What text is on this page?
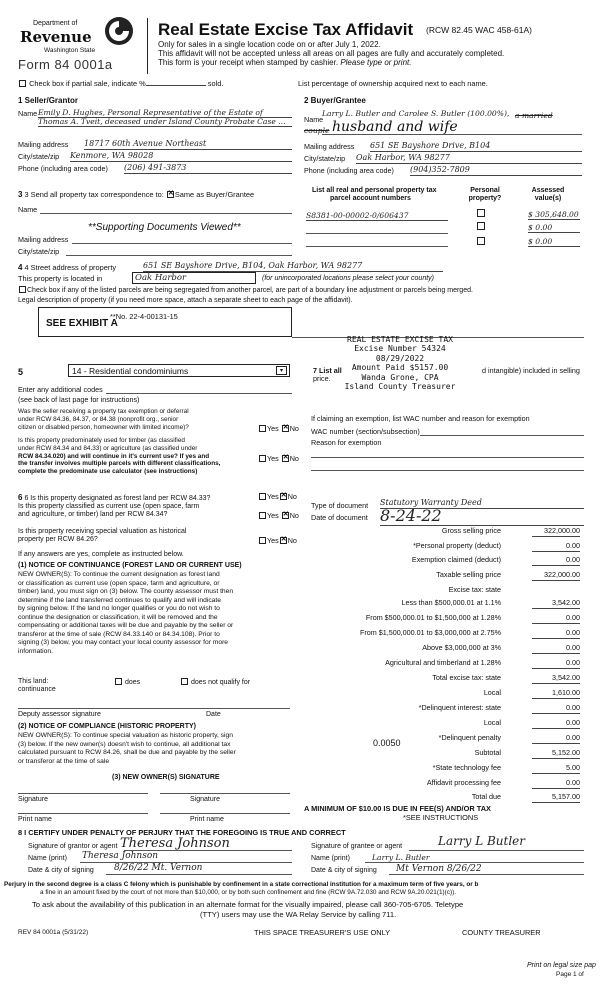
Department of
Revenue
Washington State
Form 84 0001a
Real Estate Excise Tax Affidavit (RCW 82.45 WAC 458-61A)
Only for sales in a single location code on or after July 1, 2022.
This affidavit will not be accepted unless all areas on all pages are fully and accurately completed.
This form is your receipt when stamped by cashier. Please type or print.
Check box if partial sale, indicate %	sold.	List percentage of ownership acquired next to each name.
1 Seller/Grantor
Name Emily D. Hughes, Personal Representative of the Estate of
Thomas A. Tveit, deceased under Island County Probate Case ...
Mailing address 18717 60th Avenue Northeast
City/state/zip Kenmore, WA 98028
Phone (including area code) (206) 491-3873
2 Buyer/Grantee
Name
Larry L. Butler and Carolee S. Butler (100.00%), a married
couple husband and wife
Mailing address 651 SE Bayshore Drive, B104
City/state/zip Oak Harbor, WA 98277
Phone (including area code) (904)352-7809
3 3 Send all property tax correspondence to: ✕ Same as Buyer/Grantee
Name
**Supporting Documents Viewed**
Mailing address
City/state/zip
List all real and personal property tax
parcel account numbers
Personal property?
Assessed value(s)
S8381-00-00002-0/606437	$ 305,648.00
$ 0.00
$ 0.00
4 4 Street address of property	651 SE Bayshore Drive, B104, Oak Harbor, WA 98277
This property is located in	Oak Harbor	(for unincorporated locations please select your county)
Check box if any of the listed parcels are being segregated from another parcel, are part of a boundary line adjustment or parcels being merged.
Legal description of property (if you need more space, attach a separate sheet to each page of the affidavit).
SEE EXHIBIT A
**No. 22-4-00131-15
REAL ESTATE EXCISE TAX
Excise Number 54324
08/29/2022
Amount Paid $5157.00
Wanda Grone, CPA
Island County Treasurer
5	14 - Residential condominiums	▾	7 List all
price.
d intangible) included in selling
Enter any additional codes
(see back of last page for instructions)
Was the seller receiving a property tax exemption or deferral
under RCW 84.36, 84.37, or 84.38 (nonprofit org., senior
citizen or disabled person, homeowner with limited income)?	Yes ✕ No
Is this property predominately used for timber (as classified
under RCW 84.34 and 84.33) or agriculture (as classified under
RCW 84.34.020) and will continue in it's current use? If yes and
the transfer involves multiple parcels with different classifications,
complete the predominate use calculator (see instructions)
Yes ✕ No
If claiming an exemption, list WAC number and reason for exemption
WAC number (section/subsection)
Reason for exemption
6 6 Is this property designated as forest land per RCW 84.33?	Yes ✕ No
Is this property classified as current use (open space, farm
and agriculture, or timber) land per RCW 84.34?	Yes ✕ No
Is this property receiving special valuation as historical
property per RCW 84.26?	Yes ✕ No
If any answers are yes, complete as instructed below.
(1) NOTICE OF CONTINUANCE (FOREST LAND OR CURRENT USE)
NEW OWNER(S): To continue the current designation as forest land
or classification as current use (open space, farm and agriculture, or
timber) land, you must sign on (3) below. The county assessor must then
determine if the land transferred continues to qualify and will indicate
by signing below. If the land no longer qualifies or you do not wish to
continue the designation or classification, it will be removed and the
compensating or additional taxes will be due and payable by the seller or
transferor at the time of sale (RCW 84.33.140 or 84.34.108). Prior to
signing (3) below, you may contact your local county assessor for more
information.
This land:
continuance
does	does not qualify for
Deputy assessor signature	Date
(2) NOTICE OF COMPLIANCE (HISTORIC PROPERTY)
NEW OWNER(S): To continue special valuation as historic property, sign
(3) below. If the new owner(s) doesn't wish to continue, all additional tax
calculated pursuant to RCW 84.26, shall be due and payable by the seller
or transferor at the time of sale
(3) NEW OWNER(S) SIGNATURE
Signature	Signature
Print name	Print name
Type of document Statutory Warranty Deed
Date of document 8-24-22
Gross selling price	322,000.00
*Personal property (deduct)	0.00
Exemption claimed (deduct)	0.00
Taxable selling price	322,000.00
Excise tax: state
Less than $500,000.01 at 1.1%	3,542.00
From $500,000.01 to $1,500,000 at 1.28%	0.00
From $1,500,000.01 to $3,000,000 at 2.75%	0.00
Above $3,000,000 at 3%	0.00
Agricultural and timberland at 1.28%	0.00
Total excise tax: state	3,542.00
Local	1,610.00
*Delinquent interest: state	0.00
Local	0.00
*Delinquent penalty	0.00
Subtotal	5,152.00
*State technology fee	5.00
Affidavit processing fee	0.00
Total due	5,157.00
0.0050
A MINIMUM OF $10.00 IS DUE IN FEE(S) AND/OR TAX
*SEE INSTRUCTIONS
8 I CERTIFY UNDER PENALTY OF PERJURY THAT THE FOREGOING IS TRUE AND CORRECT
Signature of grantor or agent Theresa Johnson
Name (print) Theresa Johnson
Date & city of signing 8/26/22 Mt. Vernon
Signature of grantee or agent	Larry L Butler
Name (print)	Larry L. Butler
Date & city of signing Mt Vernon 8/26/22
Perjury in the second degree is a class C felony which is punishable by confinement in a state correctional institution for a maximum term of five years, or b
a fine in an amount fixed by the court of not more than $10,000, or by both such confinement and fine (RCW 9A.72.030 and RCW 9A.20.021(1)(c)).
To ask about the availability of this publication in an alternate format for the visually impaired, please call 360-705-6705. Teletype
(TTY) users may use the WA Relay Service by calling 711.
REV 84 0001a (5/31/22)	THIS SPACE TREASURER'S USE ONLY	COUNTY TREASURER
Print on legal size pap
Page 1 of
